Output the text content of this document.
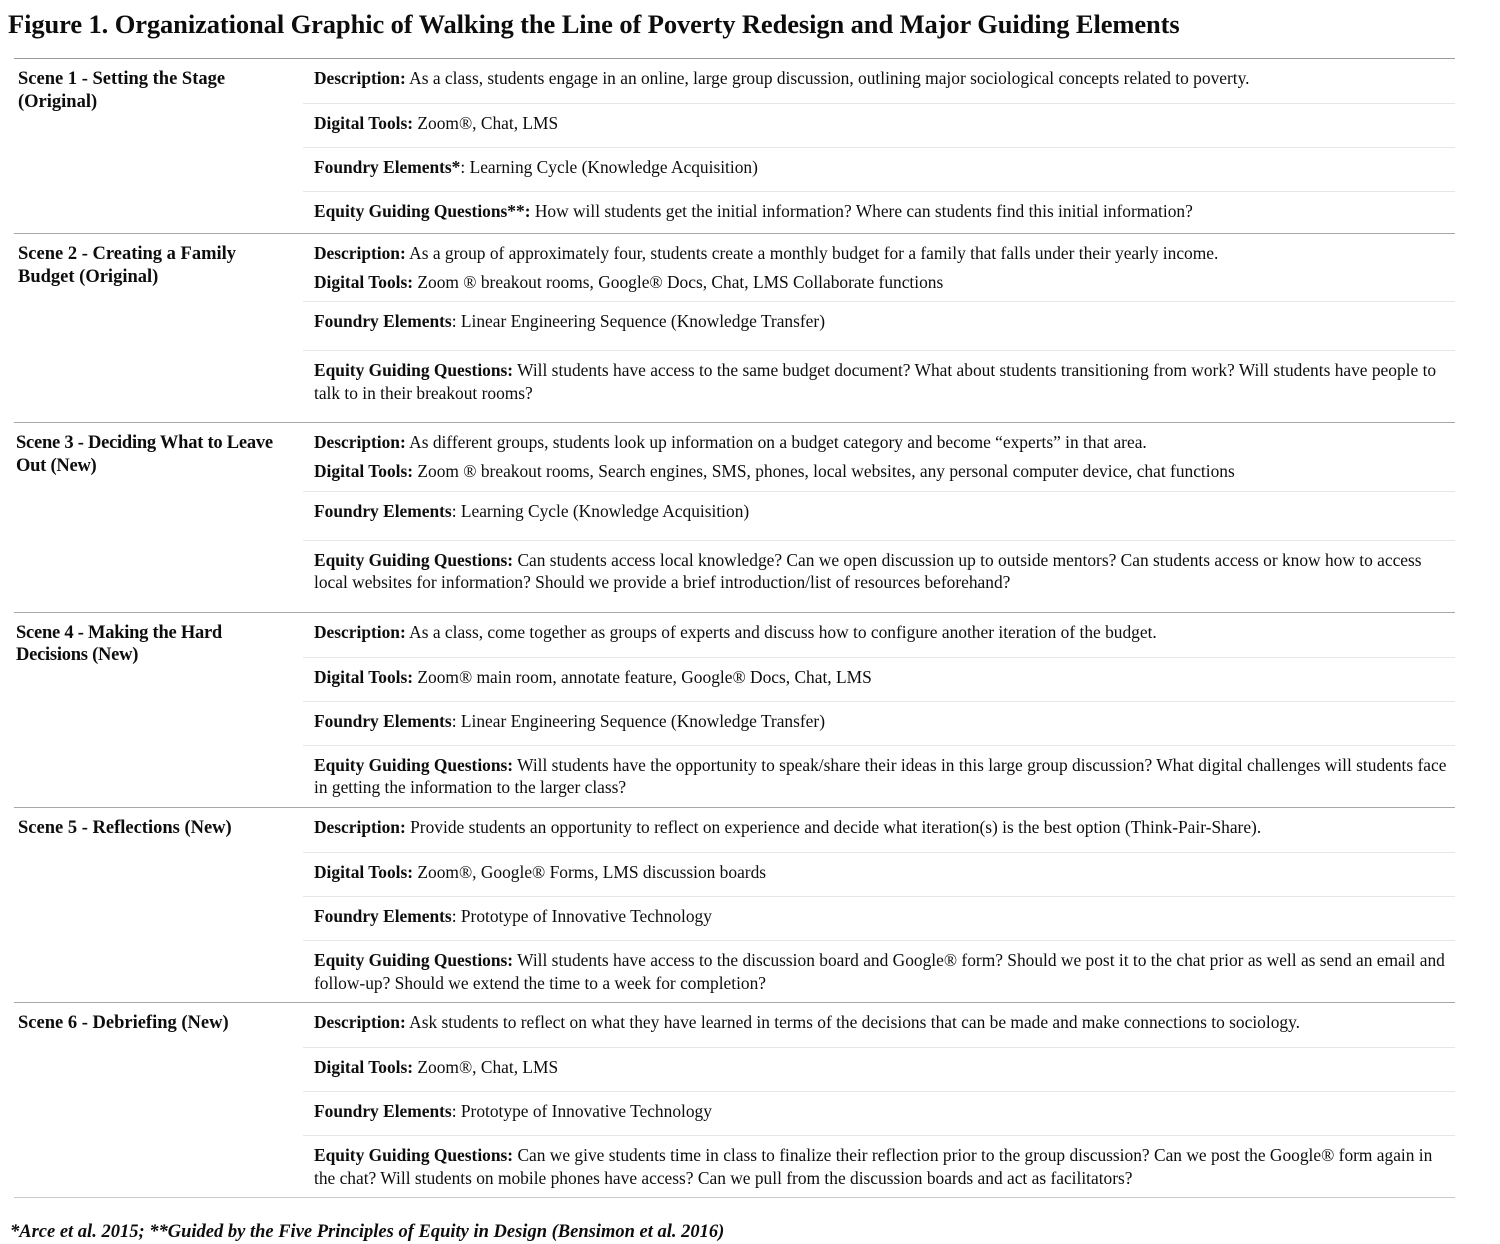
Figure 1. Organizational Graphic of Walking the Line of Poverty Redesign and Major Guiding Elements
Scene 1 - Setting the Stage (Original)

Description: As a class, students engage in an online, large group discussion, outlining major sociological concepts related to poverty.

Digital Tools: Zoom®, Chat, LMS

Foundry Elements*: Learning Cycle (Knowledge Acquisition)

Equity Guiding Questions**: How will students get the initial information? Where can students find this initial information?

Scene 2 - Creating a Family Budget (Original)

Description: As a group of approximately four, students create a monthly budget for a family that falls under their yearly income.

Digital Tools: Zoom ® breakout rooms, Google® Docs, Chat, LMS Collaborate functions

Foundry Elements: Linear Engineering Sequence (Knowledge Transfer)

Equity Guiding Questions: Will students have access to the same budget document? What about students transitioning from work? Will students have people to talk to in their breakout rooms?

Scene 3 - Deciding What to Leave Out (New)

Description: As different groups, students look up information on a budget category and become “experts” in that area.

Digital Tools: Zoom ® breakout rooms, Search engines, SMS, phones, local websites, any personal computer device, chat functions

Foundry Elements: Learning Cycle (Knowledge Acquisition)

Equity Guiding Questions: Can students access local knowledge? Can we open discussion up to outside mentors? Can students access or know how to access local websites for information? Should we provide a brief introduction/list of resources beforehand?

Scene 4 - Making the Hard Decisions (New)

Description: As a class, come together as groups of experts and discuss how to configure another iteration of the budget.

Digital Tools: Zoom® main room, annotate feature, Google® Docs, Chat, LMS

Foundry Elements: Linear Engineering Sequence (Knowledge Transfer)

Equity Guiding Questions: Will students have the opportunity to speak/share their ideas in this large group discussion? What digital challenges will students face in getting the information to the larger class?

Scene 5 - Reflections (New)	Description: Provide students an opportunity to reflect on experience and decide what iteration(s) is the best option (Think-Pair-Share).

Digital Tools: Zoom®, Google® Forms, LMS discussion boards

Foundry Elements: Prototype of Innovative Technology

Equity Guiding Questions: Will students have access to the discussion board and Google® form? Should we post it to the chat prior as well as send an email and follow-up? Should we extend the time to a week for completion?

Scene 6 - Debriefing (New)	Description: Ask students to reflect on what they have learned in terms of the decisions that can be made and make connections to sociology.

Digital Tools: Zoom®, Chat, LMS

Foundry Elements: Prototype of Innovative Technology

Equity Guiding Questions: Can we give students time in class to finalize their reflection prior to the group discussion? Can we post the Google® form again in the chat? Will students on mobile phones have access? Can we pull from the discussion boards and act as facilitators?

*Arce et al. 2015; **Guided by the Five Principles of Equity in Design (Bensimon et al. 2016)
